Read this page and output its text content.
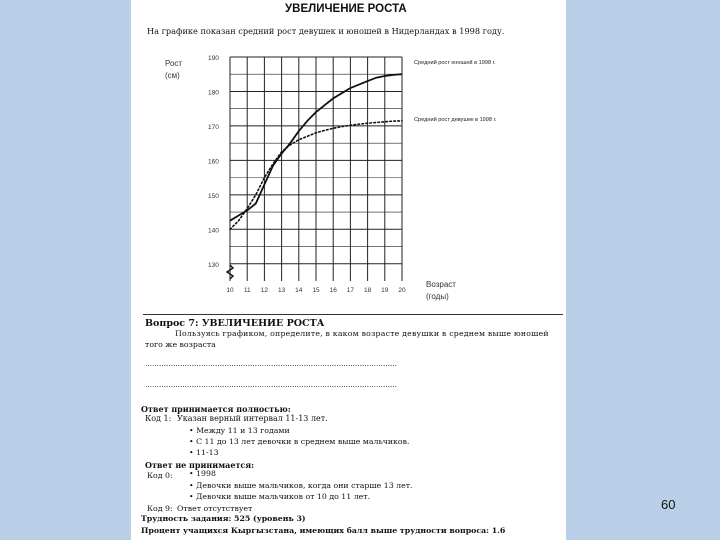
УВЕЛИЧЕНИЕ РОСТА
На графике показан средний рост девушек и юношей в Нидерландах в 1998 году.
190
180
170
160
150
140
130
10 11 12 13 14 15 16 17 18 19 20
Рост
(см)
Возраст
(годы)
Средний рост юношей в 1998 г.
Средний рост девушек в 1998 г.
Вопрос 7: УВЕЛИЧЕНИЕ РОСТА
Пользуясь графиком, определите, в каком возрасте девушки в среднем выше юношей
того же возраста
………………………………………………………………………………………………
………………………………………………………………………………………………
Ответ принимается полностью:
Код 1: Указан верный интервал 11-13 лет.
• Между 11 и 13 годами
• С 11 до 13 лет девочки в среднем выше мальчиков.
• 11-13
Ответ не принимается:
Код 0: • 1998
• Девочки выше мальчиков, когда они старше 13 лет.
• Девочки выше мальчиков от 10 до 11 лет.
Код 9: Ответ отсутствует
Трудность задания: 525 (уровень 3)
Процент учащихся Кыргызстана, имеющих балл выше трудности вопроса: 1.6
60
